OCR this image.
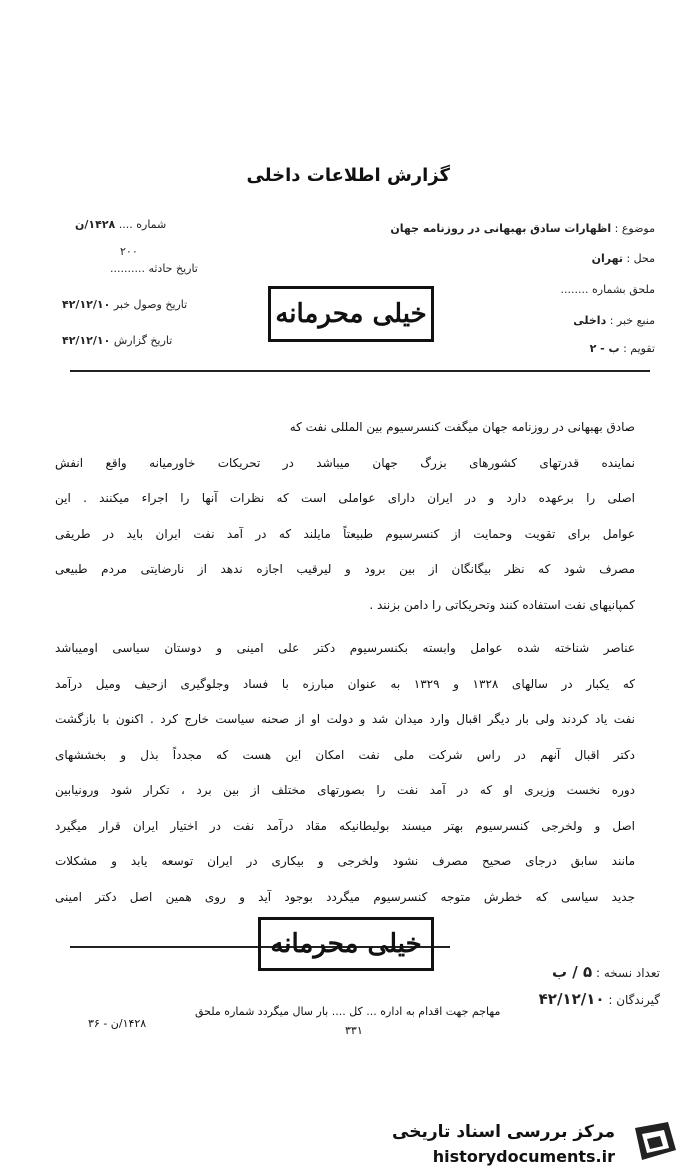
گزارش اطلاعات داخلی
موضوع : اظهارات سادق بهبهانی در روزنامه جهان
محل : تهران
ملحق بشماره ........
منبع خبر : داخلی
تقویم : ب - ۲
شماره .... ۱۴۲۸/ن
۲۰۰
تاریخ حادثه ..........
تاریخ وصول خبر ۴۲/۱۲/۱۰
تاریخ گزارش ۴۲/۱۲/۱۰
خیلی محرمانه
صادق بهبهانی در روزنامه جهان میگفت کنسرسیوم بین المللی نفت که
نماینده قدرتهای کشورهای بزرگ جهان میباشد در تحریکات خاورمیانه واقع انفش
اصلی را برعهده دارد و در ایران دارای عواملی است که نظرات آنها را اجراء میکنند . این
عوامل برای تقویت وحمایت از کنسرسیوم طبیعتاً مایلند که در آمد نفت ایران باید در طریقی
مصرف شود که نظر بیگانگان از بین برود و لیرقیب اجازه ندهد از نارضایتی مردم طبیعی
کمپانیهای نفت استفاده کنند وتحریکاتی را دامن بزنند .
عناصر شناخته شده عوامل وابسته بکنسرسیوم دکتر علی امینی و دوستان سیاسی اومیباشد
که یکبار در سالهای ۱۳۲۸ و ۱۳۲۹ به عنوان مبارزه با فساد وجلوگیری ازحیف ومیل درآمد
نفت یاد کردند ولی بار دیگر اقبال وارد میدان شد و دولت او از صحنه سیاست خارج کرد . اکنون با بازگشت
دکتر اقبال آنهم در راس شرکت ملی نفت امکان این هست که مجدداً بذل و بخششهای
دوره نخست وزیری او که در آمد نفت را بصورتهای مختلف از بین برد ، تکرار شود ورونیابین
اصل و ولخرجی کنسرسیوم بهتر میسند بولیطانیکه مقاد درآمد نفت در اختیار ایران قرار میگیرد
مانند سابق درجای صحیح مصرف نشود ولخرجی و بیکاری در ایران توسعه یابد و مشکلات
جدید سیاسی که خطرش متوجه کنسرسیوم میگردد بوجود آید و روی همین اصل دکتر امینی
خیلی محرمانه
تعداد نسخه : ۵ / ب
گیرندگان : ۴۲/۱۲/۱۰
مهاجم جهت اقدام به اداره ... کل .... بار سال میگردد شماره ملحق
۳۳۱
۱۴۲۸/ن - ۳۶
مرکز بررسی اسناد تاریخی
historydocuments.ir
